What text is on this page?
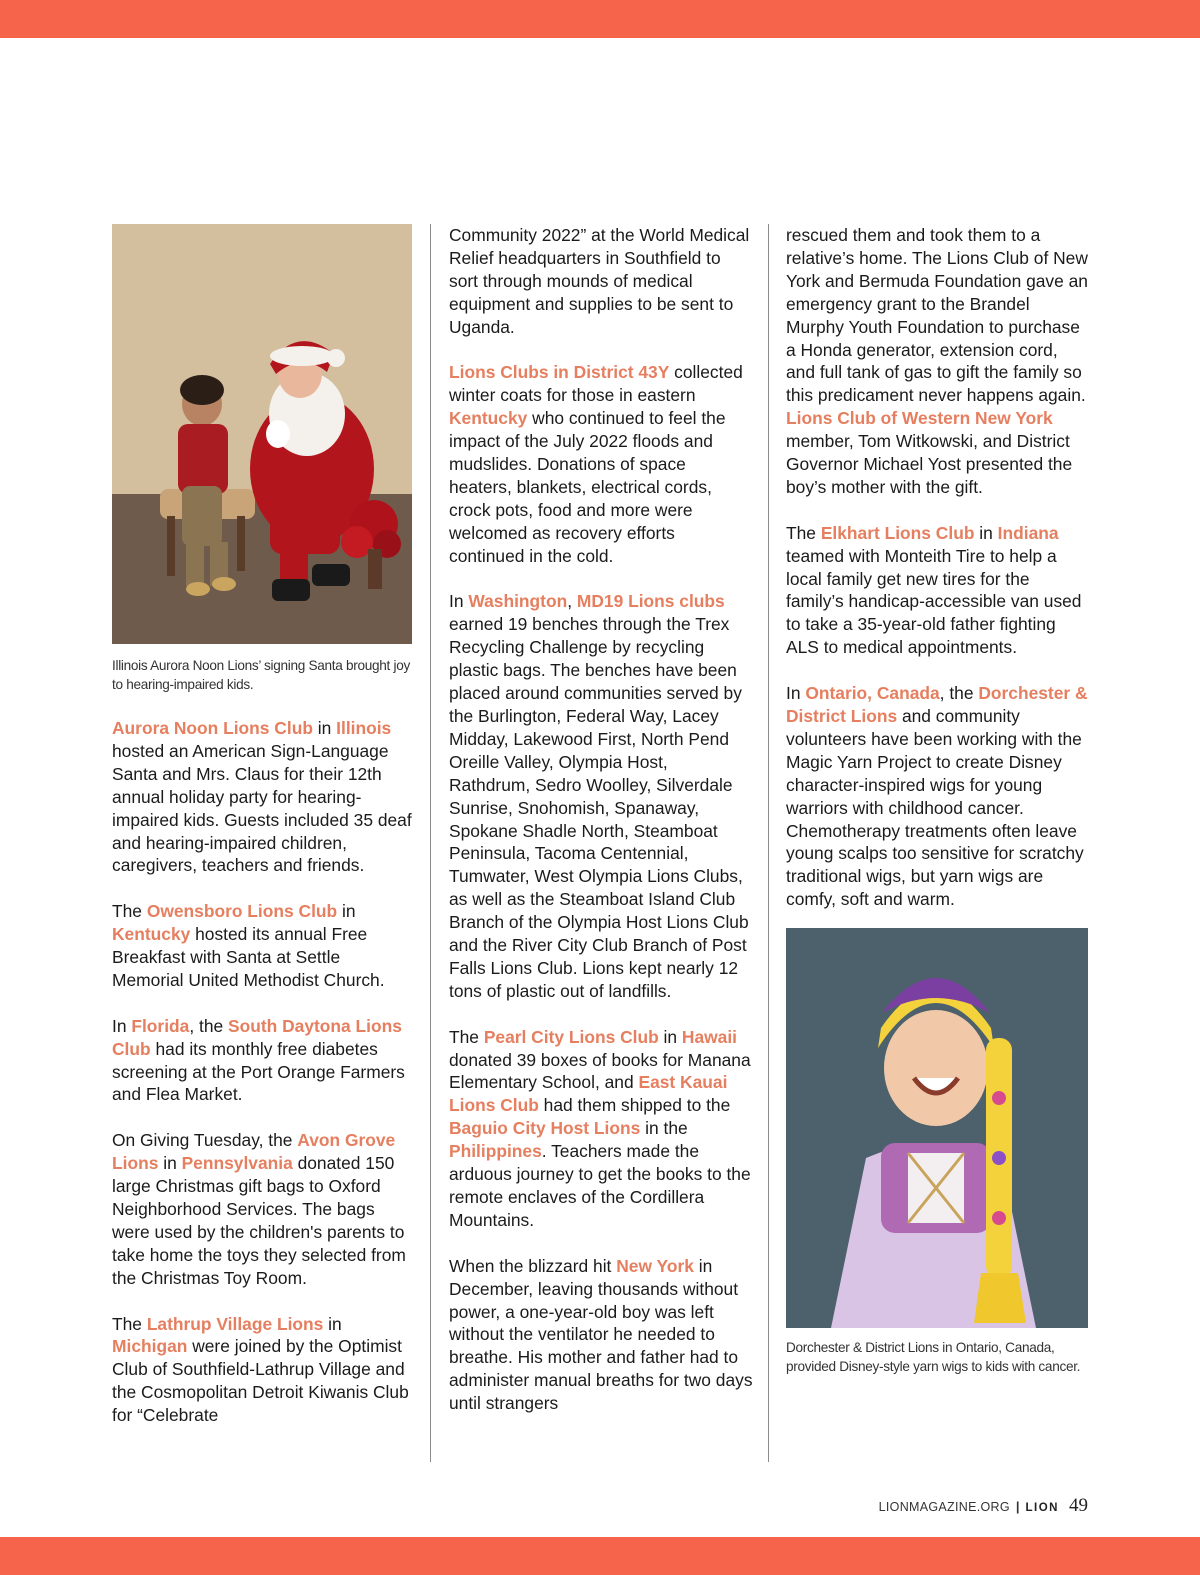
Illinois Aurora Noon Lions’ signing Santa brought joy to hearing-impaired kids.

Aurora Noon Lions Club in Illinois hosted an American Sign-Language Santa and Mrs. Claus for their 12th annual holiday party for hearing-impaired kids. Guests included 35 deaf and hearing-impaired children, caregivers, teachers and friends.

The Owensboro Lions Club in Kentucky hosted its annual Free Breakfast with Santa at Settle Memorial United Methodist Church.

In Florida, the South Daytona Lions Club had its monthly free diabetes screening at the Port Orange Farmers and Flea Market.

On Giving Tuesday, the Avon Grove Lions in Pennsylvania donated 150 large Christmas gift bags to Oxford Neighborhood Services. The bags were used by the children's parents to take home the toys they selected from the Christmas Toy Room.

The Lathrup Village Lions in Michigan were joined by the Optimist Club of Southfield-Lathrup Village and the Cosmopolitan Detroit Kiwanis Club for “Celebrate

Community 2022” at the World Medical Relief headquarters in Southfield to sort through mounds of medical equipment and supplies to be sent to Uganda.

Lions Clubs in District 43Y collected winter coats for those in eastern Kentucky who continued to feel the impact of the July 2022 floods and mudslides. Donations of space heaters, blankets, electrical cords, crock pots, food and more were welcomed as recovery efforts continued in the cold.

In Washington, MD19 Lions clubs earned 19 benches through the Trex Recycling Challenge by recycling plastic bags. The benches have been placed around communities served by the Burlington, Federal Way, Lacey Midday, Lakewood First, North Pend Oreille Valley, Olympia Host, Rathdrum, Sedro Woolley, Silverdale Sunrise, Snohomish, Spanaway, Spokane Shadle North, Steamboat Peninsula, Tacoma Centennial, Tumwater, West Olympia Lions Clubs, as well as the Steamboat Island Club Branch of the Olympia Host Lions Club and the River City Club Branch of Post Falls Lions Club. Lions kept nearly 12 tons of plastic out of landfills.

The Pearl City Lions Club in Hawaii donated 39 boxes of books for Manana Elementary School, and East Kauai Lions Club had them shipped to the Baguio City Host Lions in the Philippines. Teachers made the arduous journey to get the books to the remote enclaves of the Cordillera Mountains.

When the blizzard hit New York in December, leaving thousands without power, a one-year-old boy was left without the ventilator he needed to breathe. His mother and father had to administer manual breaths for two days until strangers

rescued them and took them to a relative’s home. The Lions Club of New York and Bermuda Foundation gave an emergency grant to the Brandel Murphy Youth Foundation to purchase a Honda generator, extension cord, and full tank of gas to gift the family so this predicament never happens again. Lions Club of Western New York member, Tom Witkowski, and District Governor Michael Yost presented the boy’s mother with the gift.

The Elkhart Lions Club in Indiana teamed with Monteith Tire to help a local family get new tires for the family’s handicap-accessible van used to take a 35-year-old father fighting ALS to medical appointments.

In Ontario, Canada, the Dorchester & District Lions and community volunteers have been working with the Magic Yarn Project to create Disney character-inspired wigs for young warriors with childhood cancer. Chemotherapy treatments often leave young scalps too sensitive for scratchy traditional wigs, but yarn wigs are comfy, soft and warm.

Dorchester & District Lions in Ontario, Canada, provided Disney-style yarn wigs to kids with cancer.
LIONMAGAZINE.ORG | LION 49
